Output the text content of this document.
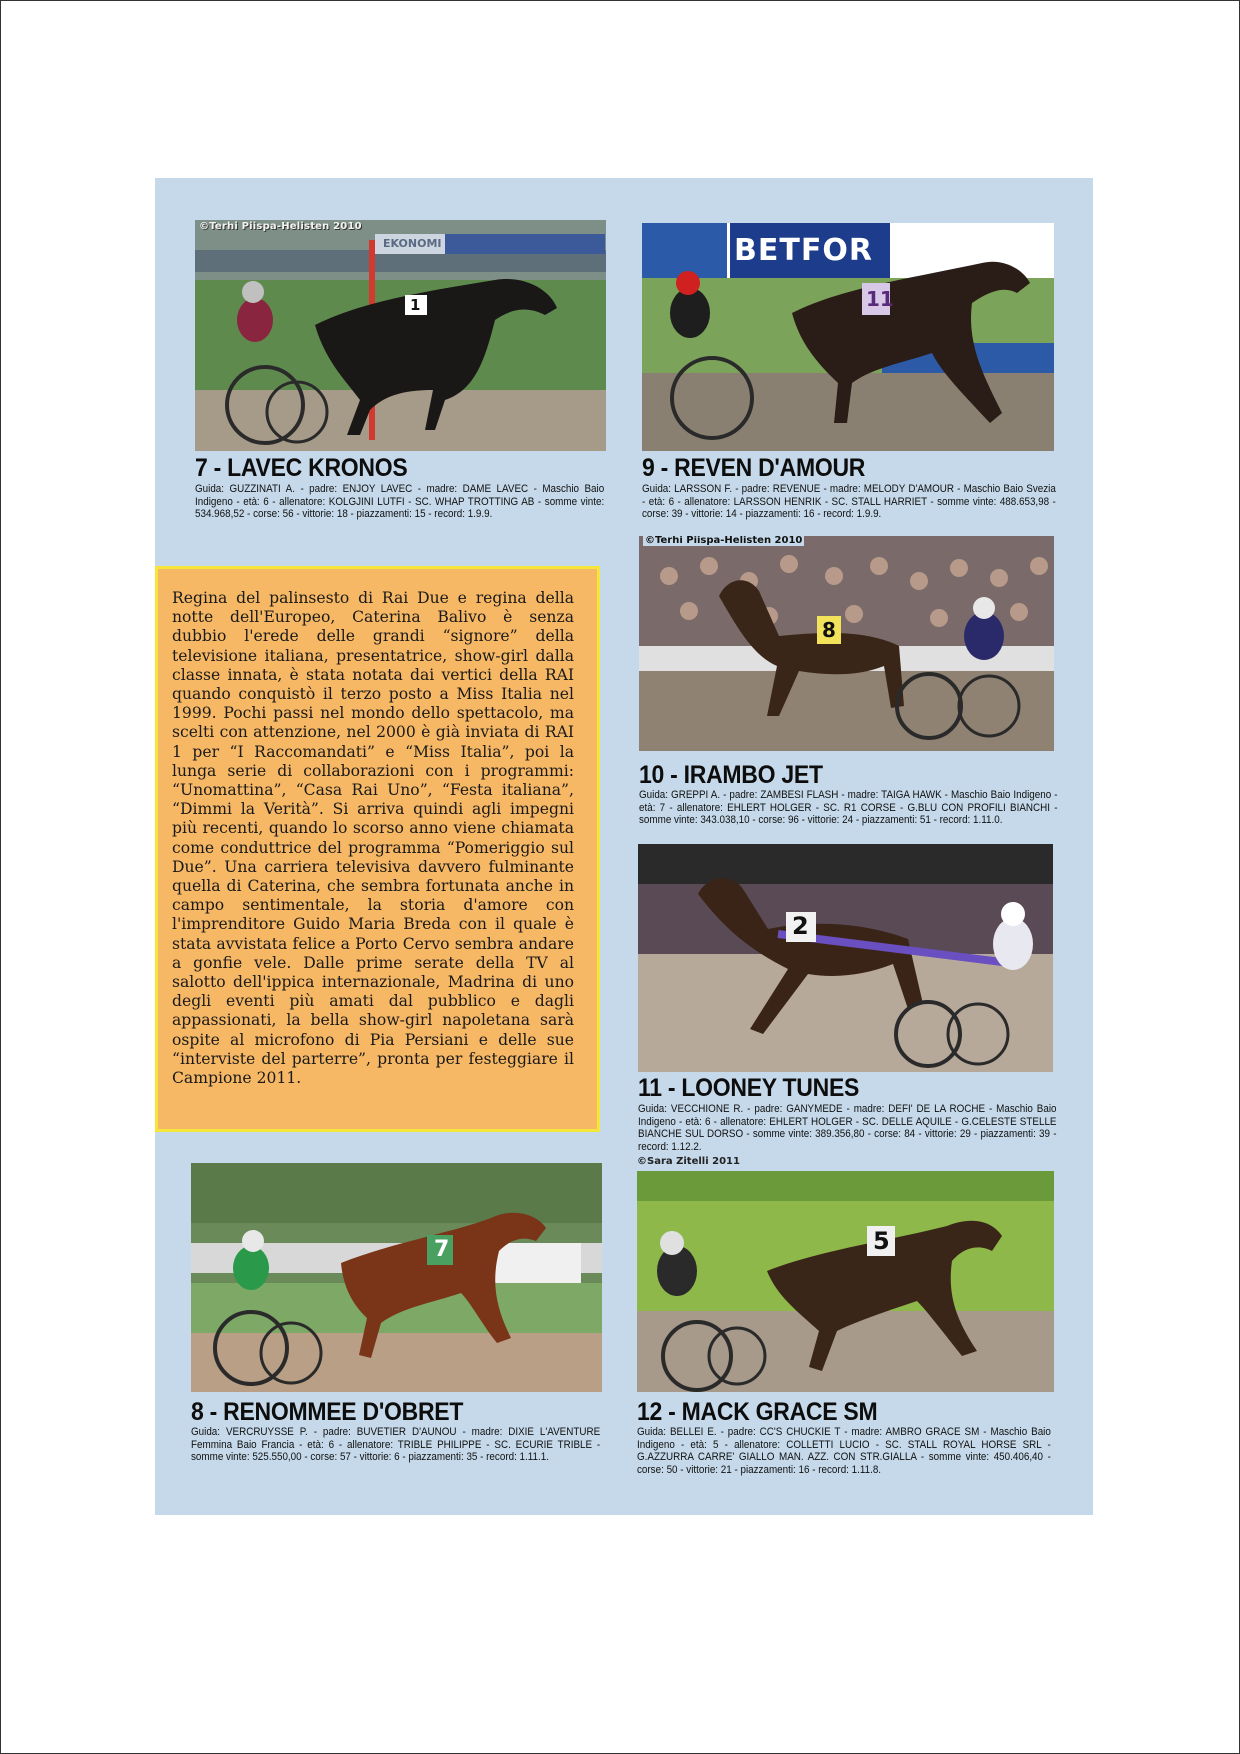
1
EKONOMI
©Terhi Piispa-Helisten 2010
7 - LAVEC KRONOS
Guida: GUZZINATI A. - padre: ENJOY LAVEC - madre: DAME LAVEC - Maschio Baio Indigeno - età: 6 - allenatore: KOLGJINI LUTFI - SC. WHAP TROTTING AB - somme vinte: 534.968,52 - corse: 56 - vittorie: 18 - piazzamenti: 15 - record: 1.9.9.
BETFOR
11
9 - REVEN D'AMOUR
Guida: LARSSON F. - padre: REVENUE - madre: MELODY D'AMOUR - Maschio Baio Svezia - età: 6 - allenatore: LARSSON HENRIK - SC. STALL HARRIET - somme vinte: 488.653,98 - corse: 39 - vittorie: 14 - piazzamenti: 16 - record: 1.9.9.

Regina del palinsesto di Rai Due e regina della notte dell'Europeo, Caterina Balivo è senza dubbio l'erede delle grandi “signore” della televisione italiana, presentatrice, show-girl dalla classe innata, è stata notata dai vertici della RAI quando conquistò il terzo posto a Miss Italia nel 1999. Pochi passi nel mondo dello spettacolo, ma scelti con attenzione, nel 2000 è già inviata di RAI 1 per “I Raccomandati” e “Miss Italia”, poi la lunga serie di collaborazioni con i programmi: “Unomattina”, “Casa Rai Uno”, “Festa italiana”, “Dimmi la Verità”. Si arriva quindi agli impegni più recenti, quando lo scorso anno viene chiamata come conduttrice del programma “Pomeriggio sul Due”. Una carriera televisiva davvero fulminante quella di Caterina, che sembra fortunata anche in campo sentimentale, la storia d'amore con l'imprenditore Guido Maria Breda con il quale è stata avvistata felice a Porto Cervo sembra andare a gonfie vele. Dalle prime serate della TV al salotto dell'ippica internazionale, Madrina di uno degli eventi più amati dal pubblico e dagli appassionati, la bella show-girl napoletana sarà ospite al microfono di Pia Persiani e delle sue “interviste del parterre”, pronta per festeggiare il Campione 2011.

8
©Terhi Piispa-Helisten 2010
10 - IRAMBO JET
Guida: GREPPI A. - padre: ZAMBESI FLASH - madre: TAIGA HAWK - Maschio Baio Indigeno - età: 7 - allenatore: EHLERT HOLGER - SC. R1 CORSE - G.BLU CON PROFILI BIANCHI - somme vinte: 343.038,10 - corse: 96 - vittorie: 24 - piazzamenti: 51 - record: 1.11.0.
2
11 - LOONEY TUNES
Guida: VECCHIONE R. - padre: GANYMEDE - madre: DEFI' DE LA ROCHE - Maschio Baio Indigeno - età: 6 - allenatore: EHLERT HOLGER - SC. DELLE AQUILE - G.CELESTE STELLE BIANCHE SUL DORSO - somme vinte: 389.356,80 - corse: 84 - vittorie: 29 - piazzamenti: 39 - record: 1.12.2.
7
8 - RENOMMEE D'OBRET
Guida: VERCRUYSSE P. - padre: BUVETIER D'AUNOU - madre: DIXIE L'AVENTURE Femmina Baio Francia - età: 6 - allenatore: TRIBLE PHILIPPE - SC. ECURIE TRIBLE - somme vinte: 525.550,00 - corse: 57 - vittorie: 6 - piazzamenti: 35 - record: 1.11.1.
5
©Sara Zitelli 2011
12 - MACK GRACE SM
Guida: BELLEI E. - padre: CC'S CHUCKIE T - madre: AMBRO GRACE SM - Maschio Baio Indigeno - età: 5 - allenatore: COLLETTI LUCIO - SC. STALL ROYAL HORSE SRL - G.AZZURRA CARRE' GIALLO MAN. AZZ. CON STR.GIALLA - somme vinte: 450.406,40 - corse: 50 - vittorie: 21 - piazzamenti: 16 - record: 1.11.8.
